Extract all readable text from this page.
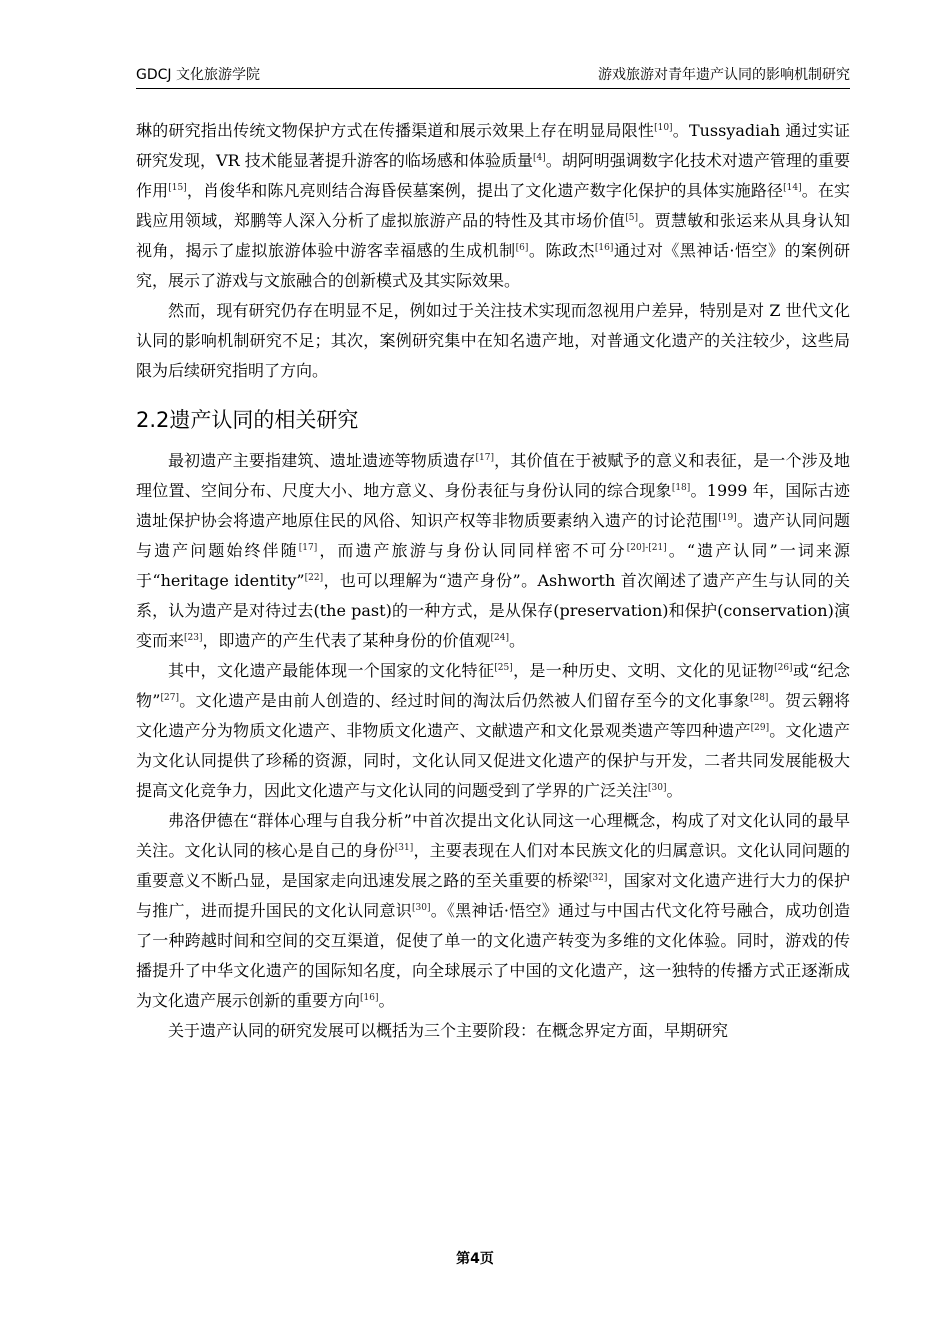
GDCJ 文化旅游学院	游戏旅游对青年遗产认同的影响机制研究

琳的研究指出传统文物保护方式在传播渠道和展示效果上存在明显局限性[10]。Tussyadiah 通过实证研究发现，VR 技术能显著提升游客的临场感和体验质量[4]。胡阿明强调数字化技术对遗产管理的重要作用[15]，肖俊华和陈凡亮则结合海昏侯墓案例，提出了文化遗产数字化保护的具体实施路径[14]。在实践应用领域，郑鹏等人深入分析了虚拟旅游产品的特性及其市场价值[5]。贾慧敏和张运来从具身认知视角，揭示了虚拟旅游体验中游客幸福感的生成机制[6]。陈政杰[16]通过对《黑神话·悟空》的案例研究，展示了游戏与文旅融合的创新模式及其实际效果。

然而，现有研究仍存在明显不足，例如过于关注技术实现而忽视用户差异，特别是对 Z 世代文化认同的影响机制研究不足；其次，案例研究集中在知名遗产地，对普通文化遗产的关注较少，这些局限为后续研究指明了方向。

2.2遗产认同的相关研究

最初遗产主要指建筑、遗址遗迹等物质遗存[17]，其价值在于被赋予的意义和表征，是一个涉及地理位置、空间分布、尺度大小、地方意义、身份表征与身份认同的综合现象[18]。1999 年，国际古迹遗址保护协会将遗产地原住民的风俗、知识产权等非物质要素纳入遗产的讨论范围[19]。遗产认同问题与遗产问题始终伴随[17]，而遗产旅游与身份认同同样密不可分[20]-[21]。“遗产认同”一词来源于“heritage identity”[22]，也可以理解为“遗产身份”。Ashworth 首次阐述了遗产产生与认同的关系，认为遗产是对待过去(the past)的一种方式，是从保存(preservation)和保护(conservation)演变而来[23]，即遗产的产生代表了某种身份的价值观[24]。

其中，文化遗产最能体现一个国家的文化特征[25]，是一种历史、文明、文化的见证物[26]或“纪念物”[27]。文化遗产是由前人创造的、经过时间的淘汰后仍然被人们留存至今的文化事象[28]。贺云翱将文化遗产分为物质文化遗产、非物质文化遗产、文献遗产和文化景观类遗产等四种遗产[29]。文化遗产为文化认同提供了珍稀的资源，同时，文化认同又促进文化遗产的保护与开发，二者共同发展能极大提高文化竞争力，因此文化遗产与文化认同的问题受到了学界的广泛关注[30]。

弗洛伊德在“群体心理与自我分析”中首次提出文化认同这一心理概念，构成了对文化认同的最早关注。文化认同的核心是自己的身份[31]，主要表现在人们对本民族文化的归属意识。文化认同问题的重要意义不断凸显，是国家走向迅速发展之路的至关重要的桥梁[32]，国家对文化遗产进行大力的保护与推广，进而提升国民的文化认同意识[30]。《黑神话·悟空》通过与中国古代文化符号融合，成功创造了一种跨越时间和空间的交互渠道，促使了单一的文化遗产转变为多维的文化体验。同时，游戏的传播提升了中华文化遗产的国际知名度，向全球展示了中国的文化遗产，这一独特的传播方式正逐渐成为文化遗产展示创新的重要方向[16]。

关于遗产认同的研究发展可以概括为三个主要阶段：在概念界定方面，早期研究

第4页
